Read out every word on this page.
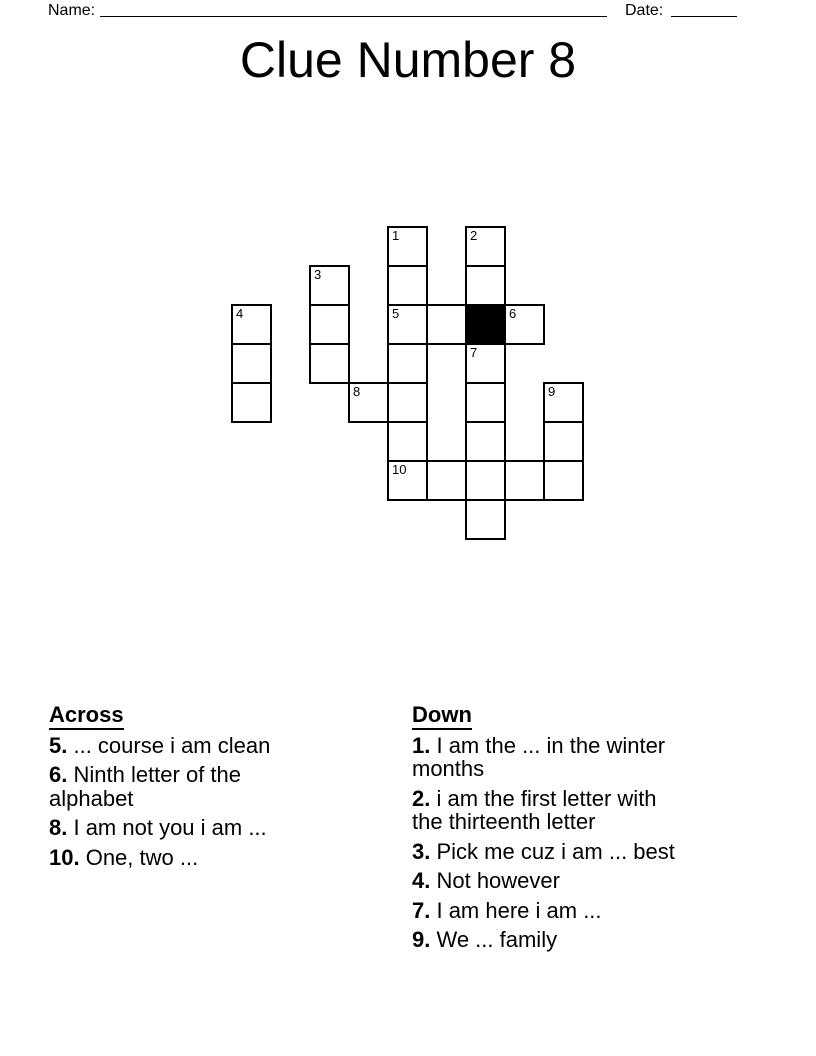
Name:	Date:
Clue Number 8
1	2
3
4	5	6
7
8	9
10
Across
5. ... course i am clean
6. Ninth letter of the alphabet
8. I am not you i am ...
10. One, two ...
Down
1. I am the ... in the winter months
2. i am the first letter with the thirteenth letter
3. Pick me cuz i am ... best
4. Not however
7. I am here i am ...
9. We ... family
